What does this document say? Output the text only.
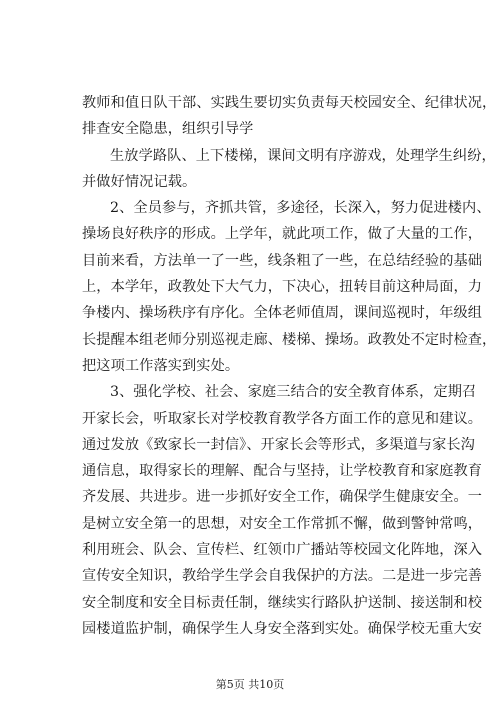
教师和值日队干部、实践生要切实负责每天校园安全、纪律状况，
排查安全隐患，组织引导学
生放学路队、上下楼梯，课间文明有序游戏，处理学生纠纷，
并做好情况记载。
2、全员参与，齐抓共管，多途径，长深入，努力促进楼内、
操场良好秩序的形成。上学年，就此项工作，做了大量的工作，
目前来看，方法单一了一些，线条粗了一些，在总结经验的基础
上，本学年，政教处下大气力，下决心，扭转目前这种局面，力
争楼内、操场秩序有序化。全体老师值周，课间巡视时，年级组
长提醒本组老师分别巡视走廊、楼梯、操场。政教处不定时检查，
把这项工作落实到实处。
3、强化学校、社会、家庭三结合的安全教育体系，定期召
开家长会，听取家长对学校教育教学各方面工作的意见和建议。
通过发放《致家长一封信》、开家长会等形式，多渠道与家长沟
通信息，取得家长的理解、配合与坚持，让学校教育和家庭教育
齐发展、共进步。进一步抓好安全工作，确保学生健康安全。一
是树立安全第一的思想，对安全工作常抓不懈，做到警钟常鸣，
利用班会、队会、宣传栏、红领巾广播站等校园文化阵地，深入
宣传安全知识，教给学生学会自我保护的方法。二是进一步完善
安全制度和安全目标责任制，继续实行路队护送制、接送制和校
园楼道监护制，确保学生人身安全落到实处。确保学校无重大安
第5页 共10页
